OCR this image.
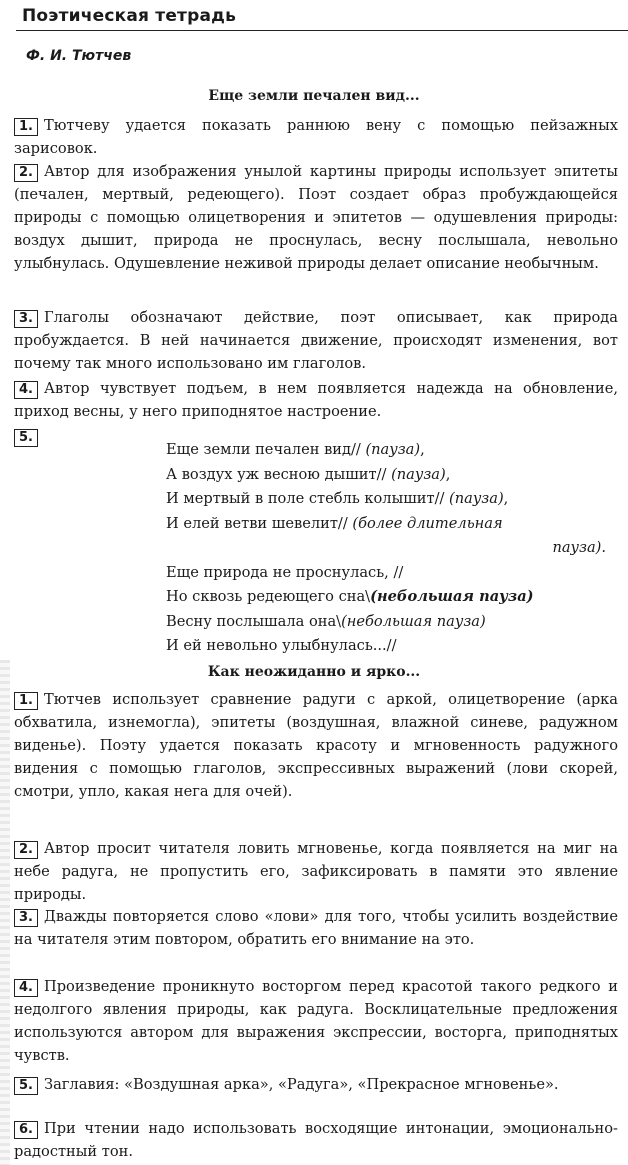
Поэтическая тетрадь
Ф. И. Тютчев
Еще земли печален вид...

1. Тютчеву удается показать раннюю вену с помощью пейзажных зарисовок.

2. Автор для изображения унылой картины природы использует эпитеты (печален, мертвый, редеющего). Поэт создает образ пробуждающейся природы с помощью олицетворения и эпитетов — одушевления природы: воздух дышит, природа не проснулась, весну послышала, невольно улыбнулась. Одушевление неживой природы делает описание необычным.

3. Глаголы обозначают действие, поэт описывает, как природа пробуждается. В ней начинается движение, происходят изменения, вот почему так много использовано им глаголов.

4. Автор чувствует подъем, в нем появляется надежда на обновление, приход весны, у него приподнятое настроение.

5.

Еще земли печален вид// (пауза),
А воздух уж весною дышит// (пауза),
И мертвый в поле стебль колышит// (пауза),
И елей ветви шевелит// (более длительная
пауза).
Еще природа не проснулась, //
Но сквозь редеющего сна\(небольшая пауза)
Весну послышала она\(небольшая пауза)
И ей невольно улыбнулась...//
Как неожиданно и ярко...

1. Тютчев использует сравнение радуги с аркой, олицетворение (арка обхватила, изнемогла), эпитеты (воздушная, влажной синеве, радужном виденье). Поэту удается показать красоту и мгновенность радужного видения с помощью глаголов, экспрессивных выражений (лови скорей, смотри, уплo, какая нега для очей).

2. Автор просит читателя ловить мгновенье, когда появляется на миг на небе радуга, не пропустить его, зафиксировать в памяти это явление природы.

3. Дважды повторяется слово «лови» для того, чтобы усилить воздействие на читателя этим повтором, обратить его внимание на это.

4. Произведение проникнуто восторгом перед красотой такого редкого и недолгого явления природы, как радуга. Восклицательные предложения используются автором для выражения экспрессии, восторга, приподнятых чувств.

5. Заглавия: «Воздушная арка», «Радуга», «Прекрасное мгновенье».

6. При чтении надо использовать восходящие интонации, эмоционально-радостный тон.
